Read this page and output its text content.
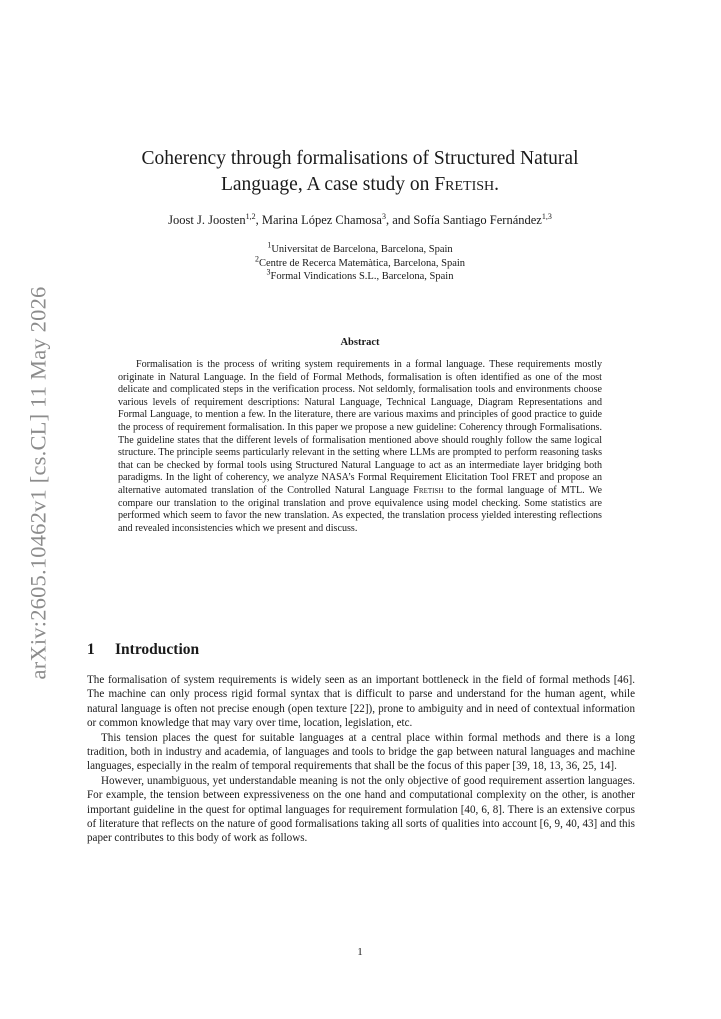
arXiv:2605.10462v1 [cs.CL] 11 May 2026
Coherency through formalisations of Structured Natural
Language, A case study on Fretish.

Joost J. Joosten$^{1,2}$, Marina López Chamosa$^3$, and Sofía Santiago Fernández$^{1,3}$

$^1$Universitat de Barcelona, Barcelona, Spain
$^2$Centre de Recerca Matemàtica, Barcelona, Spain
$^3$Formal Vindications S.L., Barcelona, Spain
Abstract

Formalisation is the process of writing system requirements in a formal language. These requirements mostly originate in Natural Language. In the field of Formal Methods, formalisation is often identified as one of the most delicate and complicated steps in the verification process. Not seldomly, formalisation tools and environments choose various levels of requirement descriptions: Natural Language, Technical Language, Diagram Representations and Formal Language, to mention a few. In the literature, there are various maxims and principles of good practice to guide the process of requirement formalisation. In this paper we propose a new guideline: Coherency through Formalisations. The guideline states that the different levels of formalisation mentioned above should roughly follow the same logical structure. The principle seems particularly relevant in the setting where LLMs are prompted to perform reasoning tasks that can be checked by formal tools using Structured Natural Language to act as an intermediate layer bridging both paradigms. In the light of coherency, we analyze NASA’s Formal Requirement Elicitation Tool FRET and propose an alternative automated translation of the Controlled Natural Language Fretish to the formal language of MTL. We compare our translation to the original translation and prove equivalence using model checking. Some statistics are performed which seem to favor the new translation. As expected, the translation process yielded interesting reflections and revealed inconsistencies which we present and discuss.

1 Introduction

The formalisation of system requirements is widely seen as an important bottleneck in the field of formal methods [46]. The machine can only process rigid formal syntax that is difficult to parse and understand for the human agent, while natural language is often not precise enough (open texture [22]), prone to ambiguity and in need of contextual information or common knowledge that may vary over time, location, legislation, etc.

This tension places the quest for suitable languages at a central place within formal methods and there is a long tradition, both in industry and academia, of languages and tools to bridge the gap between natural languages and machine languages, especially in the realm of temporal requirements that shall be the focus of this paper [39, 18, 13, 36, 25, 14].

However, unambiguous, yet understandable meaning is not the only objective of good requirement assertion languages. For example, the tension between expressiveness on the one hand and computational complexity on the other, is another important guideline in the quest for optimal languages for requirement formulation [40, 6, 8]. There is an extensive corpus of literature that reflects on the nature of good formalisations taking all sorts of qualities into account [6, 9, 40, 43] and this paper contributes to this body of work as follows.

1
